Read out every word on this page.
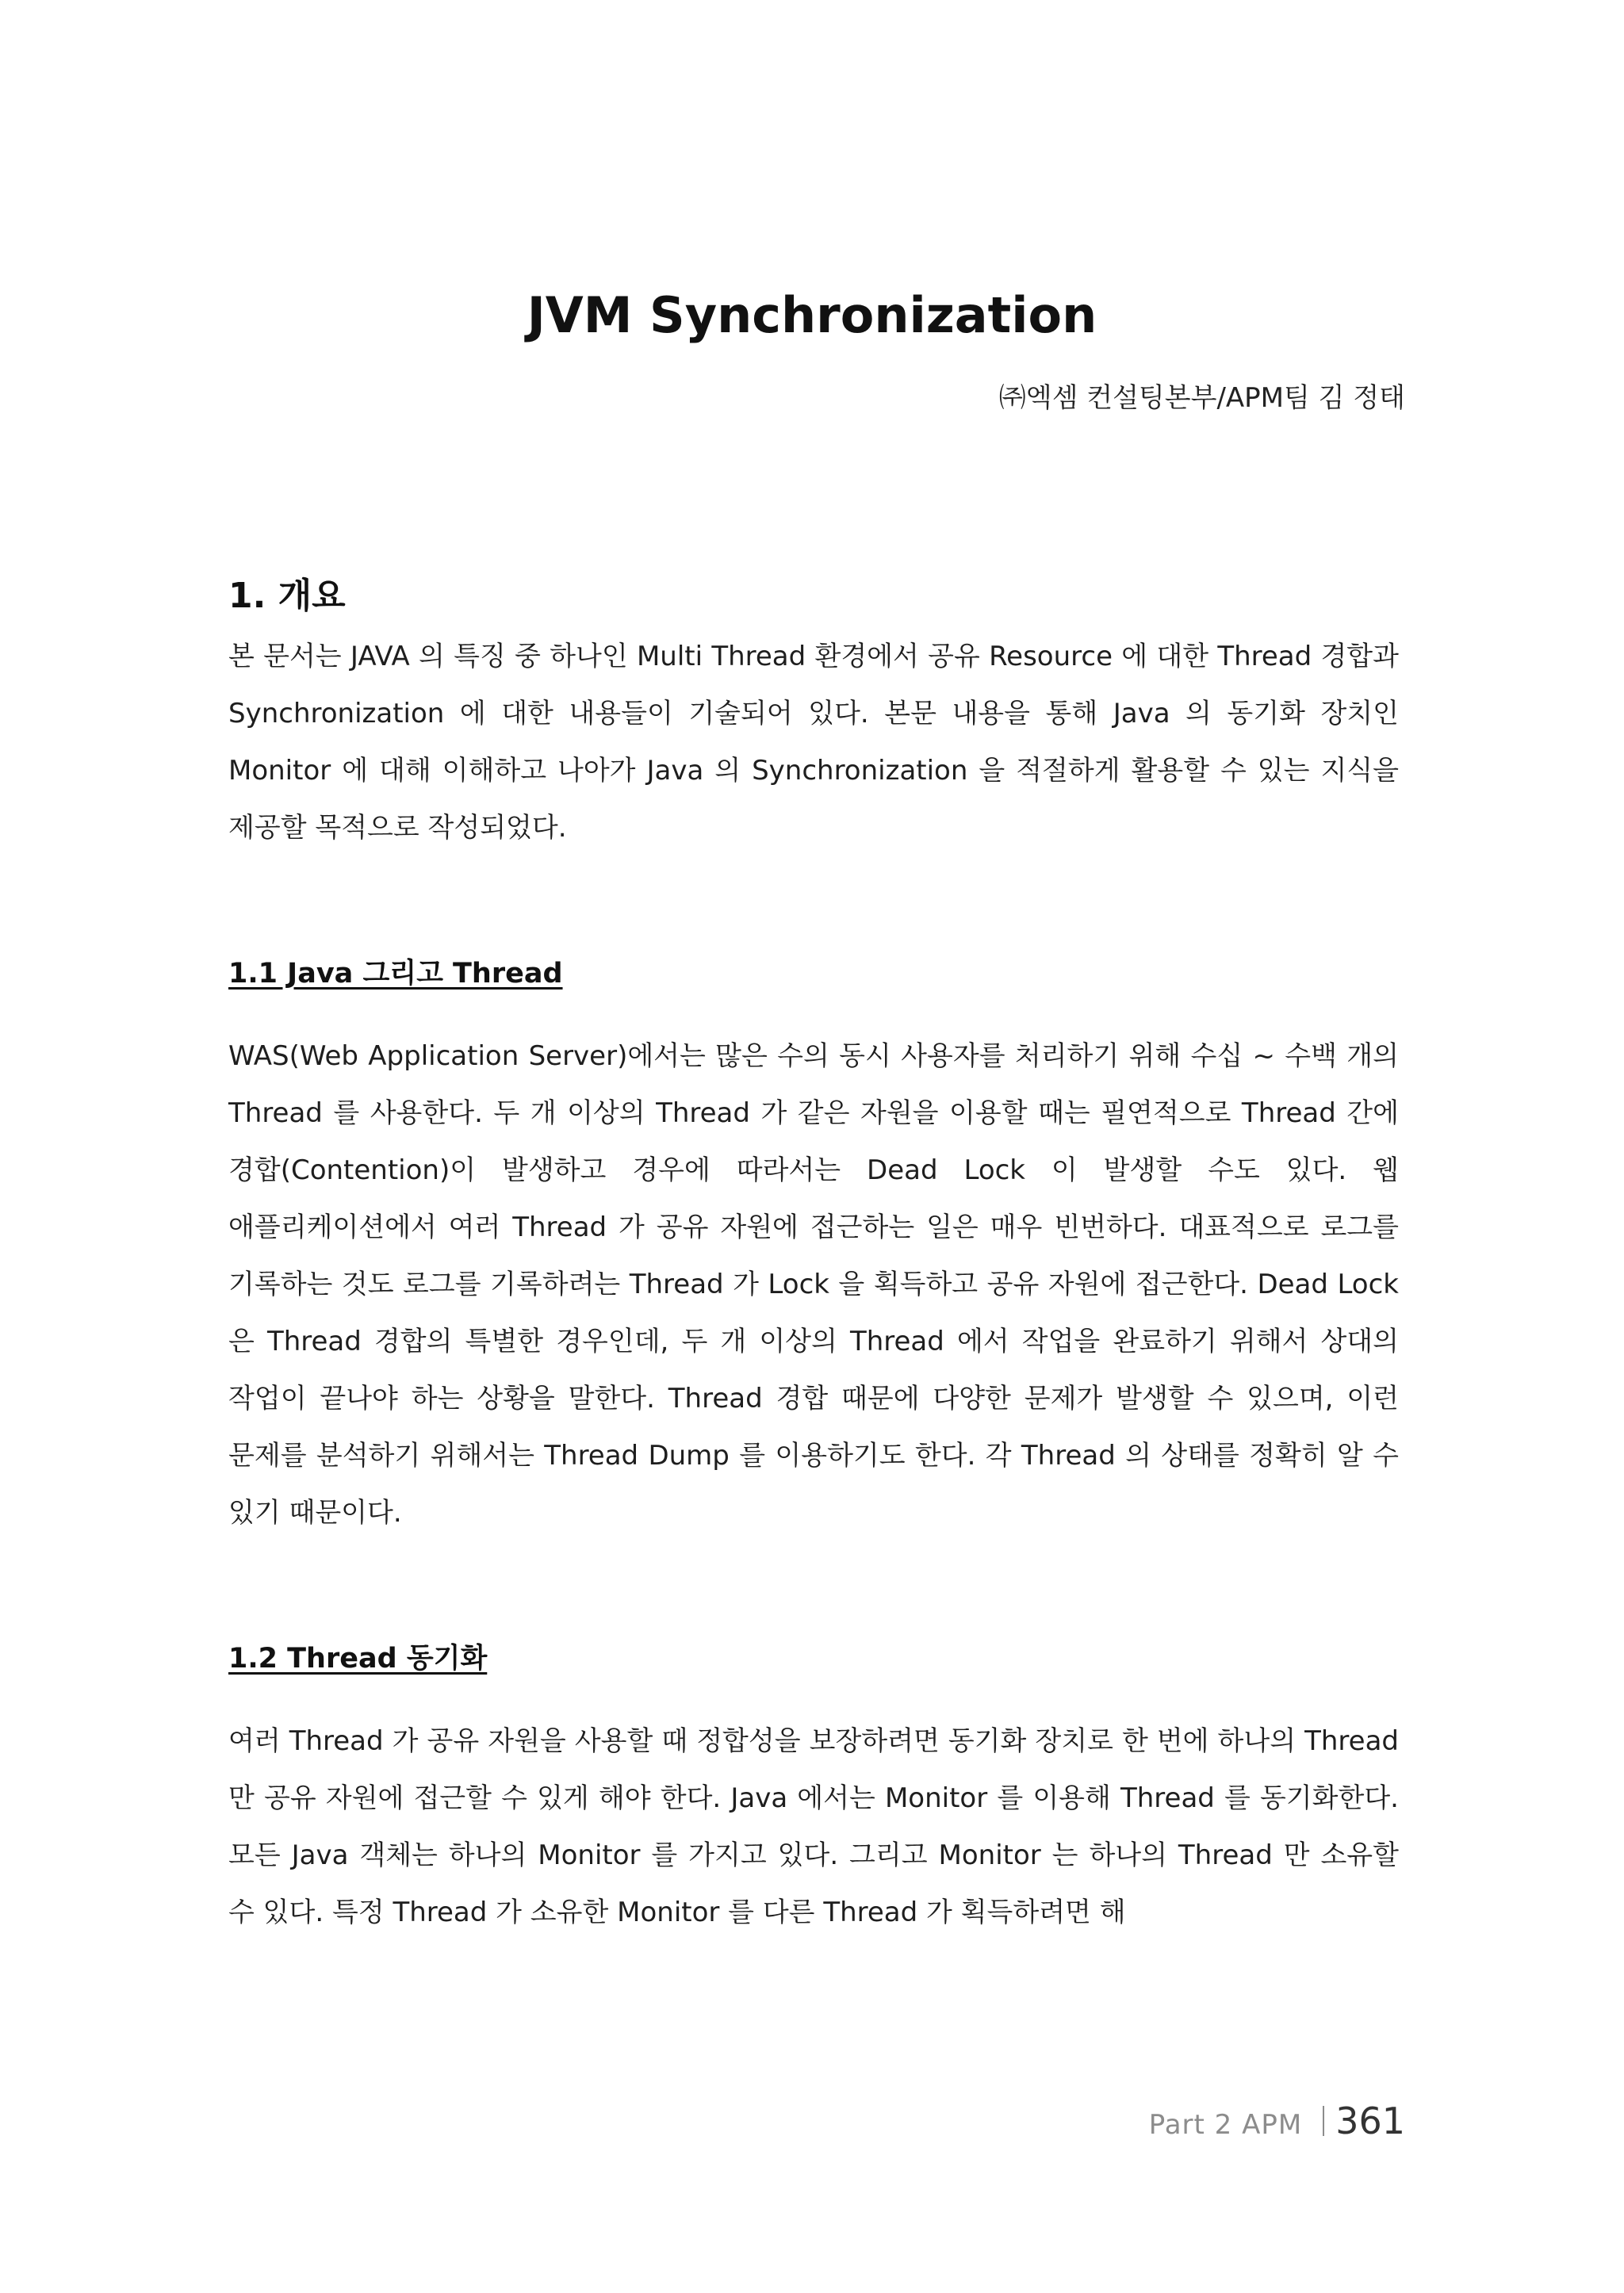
JVM Synchronization
㈜엑셈 컨설팅본부/APM팀 김 정태
1. 개요

본 문서는 JAVA 의 특징 중 하나인 Multi Thread 환경에서 공유 Resource 에 대한 Thread 경합과 Synchronization 에 대한 내용들이 기술되어 있다. 본문 내용을 통해 Java 의 동기화 장치인 Monitor 에 대해 이해하고 나아가 Java 의 Synchronization 을 적절하게 활용할 수 있는 지식을 제공할 목적으로 작성되었다.

1.1 Java 그리고 Thread

WAS(Web Application Server)에서는 많은 수의 동시 사용자를 처리하기 위해 수십 ~ 수백 개의 Thread 를 사용한다. 두 개 이상의 Thread 가 같은 자원을 이용할 때는 필연적으로 Thread 간에 경합(Contention)이 발생하고 경우에 따라서는 Dead Lock 이 발생할 수도 있다. 웹 애플리케이션에서 여러 Thread 가 공유 자원에 접근하는 일은 매우 빈번하다. 대표적으로 로그를 기록하는 것도 로그를 기록하려는 Thread 가 Lock 을 획득하고 공유 자원에 접근한다. Dead Lock 은 Thread 경합의 특별한 경우인데, 두 개 이상의 Thread 에서 작업을 완료하기 위해서 상대의 작업이 끝나야 하는 상황을 말한다. Thread 경합 때문에 다양한 문제가 발생할 수 있으며, 이런 문제를 분석하기 위해서는 Thread Dump 를 이용하기도 한다. 각 Thread 의 상태를 정확히 알 수 있기 때문이다.

1.2 Thread 동기화

여러 Thread 가 공유 자원을 사용할 때 정합성을 보장하려면 동기화 장치로 한 번에 하나의 Thread 만 공유 자원에 접근할 수 있게 해야 한다. Java 에서는 Monitor 를 이용해 Thread 를 동기화한다. 모든 Java 객체는 하나의 Monitor 를 가지고 있다. 그리고 Monitor 는 하나의 Thread 만 소유할 수 있다. 특정 Thread 가 소유한 Monitor 를 다른 Thread 가 획득하려면 해

Part 2 APM 361
